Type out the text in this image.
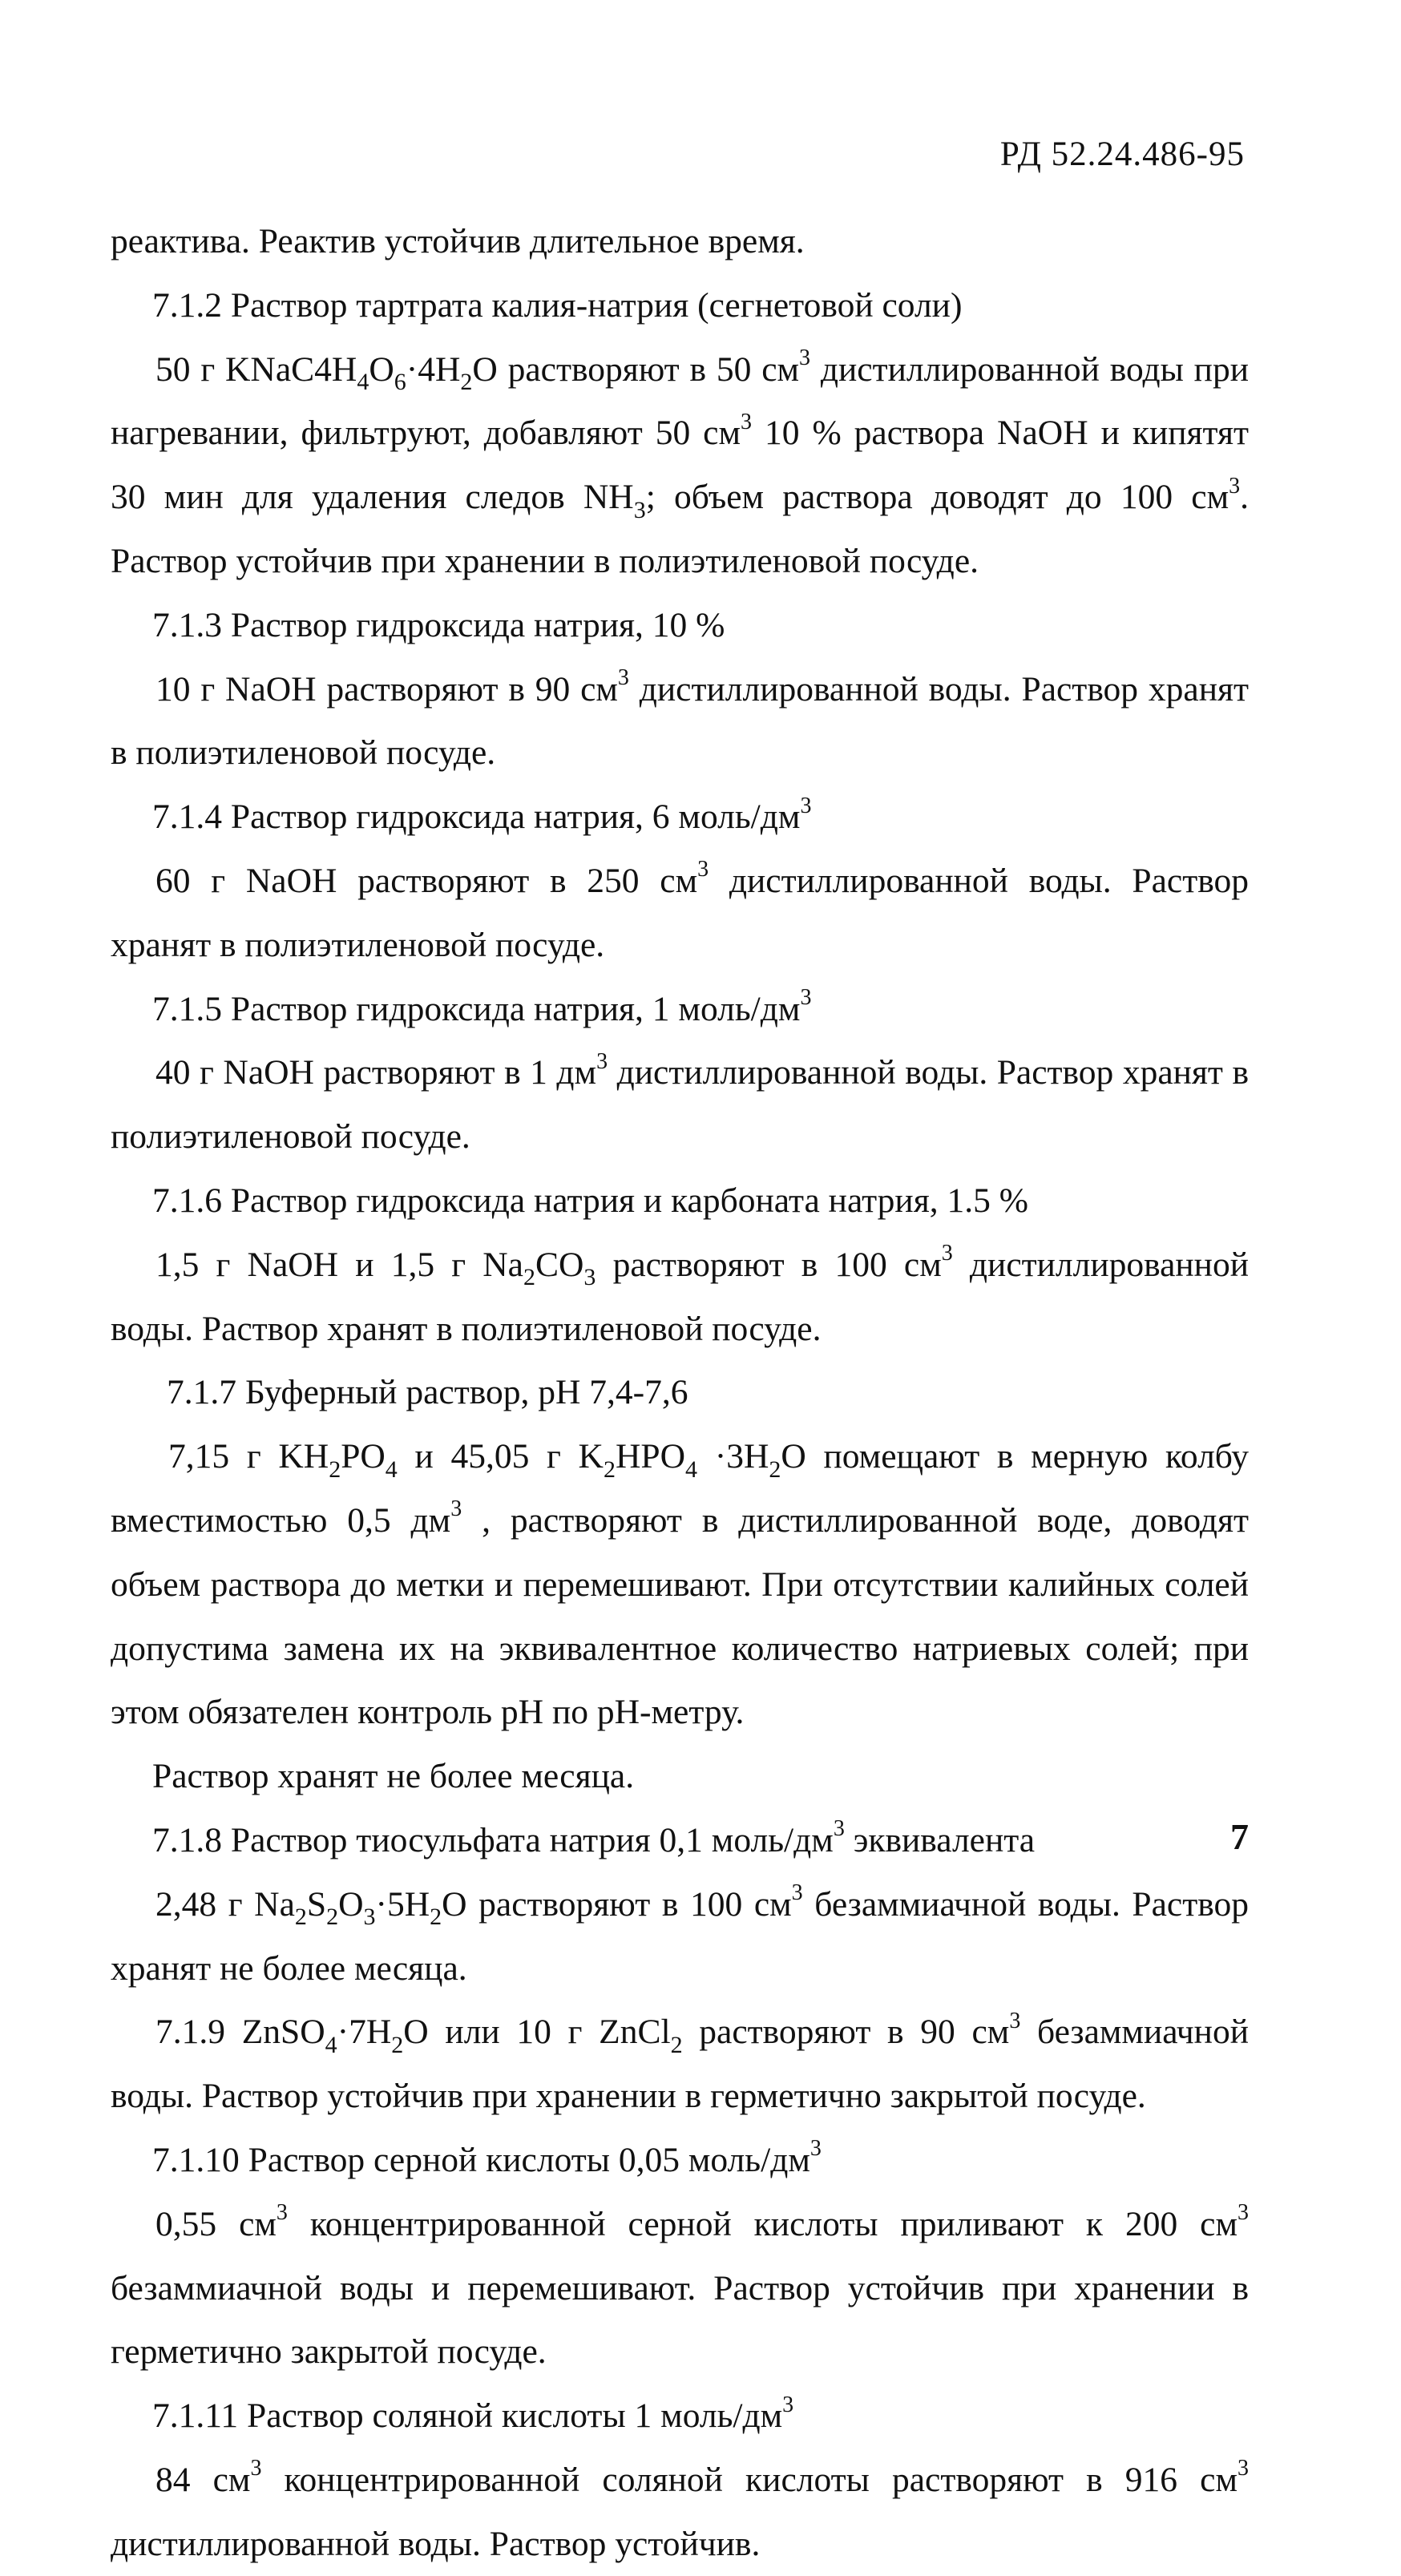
РД 52.24.486-95
реактива. Реактив устойчив длительное время.
7.1.2 Раствор тартрата калия-натрия (сегнетовой соли)
50 г $KNaC4H_4O_6\cdot 4H_2O$ растворяют в 50 $см^3$ дистиллированной воды при нагревании, фильтруют, добавляют 50 $см^3$ 10 % раствора NaOH и кипятят 30 мин для удаления следов $NH_3$; объем раствора доводят до 100 $см^3$. Раствор устойчив при хранении в полиэтиленовой посуде.
7.1.3 Раствор гидроксида натрия, 10 %
10 г NaOH растворяют в 90 $см^3$ дистиллированной воды. Раствор хранят в полиэтиленовой посуде.
7.1.4 Раствор гидроксида натрия, 6 моль/$дм^3$
60 г NaOH растворяют в 250 $см^3$ дистиллированной воды. Раствор хранят в полиэтиленовой посуде.
7.1.5 Раствор гидроксида натрия, 1 моль/$дм^3$
40 г NaOH растворяют в 1 $дм^3$ дистиллированной воды. Раствор хранят в полиэтиленовой посуде.
7.1.6 Раствор гидроксида натрия и карбоната натрия, 1.5 %
1,5 г NaOH и 1,5 г $Na_2CO_3$ растворяют в 100 $см^3$ дистиллированной воды. Раствор хранят в полиэтиленовой посуде.
7.1.7 Буферный раствор, рН 7,4-7,6
7,15 г $KH_2PO_4$ и 45,05 г $K_2HPO_4 \cdot 3H_2O$ помещают в мерную колбу вместимостью 0,5 $дм^3$ , растворяют в дистиллированной воде, доводят объем раствора до метки и перемешивают. При отсутствии калийных солей допустима замена их на эквивалентное количество натриевых солей; при этом обязателен контроль рН по рН-метру.
Раствор хранят не более месяца.
7.1.8 Раствор тиосульфата натрия 0,1 моль/$дм^3$ эквивалента
2,48 г $Na_2S_2O_3\cdot 5H_2O$ растворяют в 100 $см^3$ безаммиачной воды. Раствор хранят не более месяца.
7.1.9 $ZnSO_4\cdot 7H_2O$ или 10 г ZnCl$_2$ растворяют в 90 $см^3$ безаммиачной воды. Раствор устойчив при хранении в герметично закрытой посуде.
7.1.10 Раствор серной кислоты 0,05 моль/$дм^3$
0,55 $см^3$ концентрированной серной кислоты приливают к 200 $см^3$ безаммиачной воды и перемешивают. Раствор устойчив при хранении в герметично закрытой посуде.
7.1.11 Раствор соляной кислоты 1 моль/$дм^3$
84 $см^3$ концентрированной соляной кислоты растворяют в 916 $см^3$ дистиллированной воды. Раствор устойчив.
7
